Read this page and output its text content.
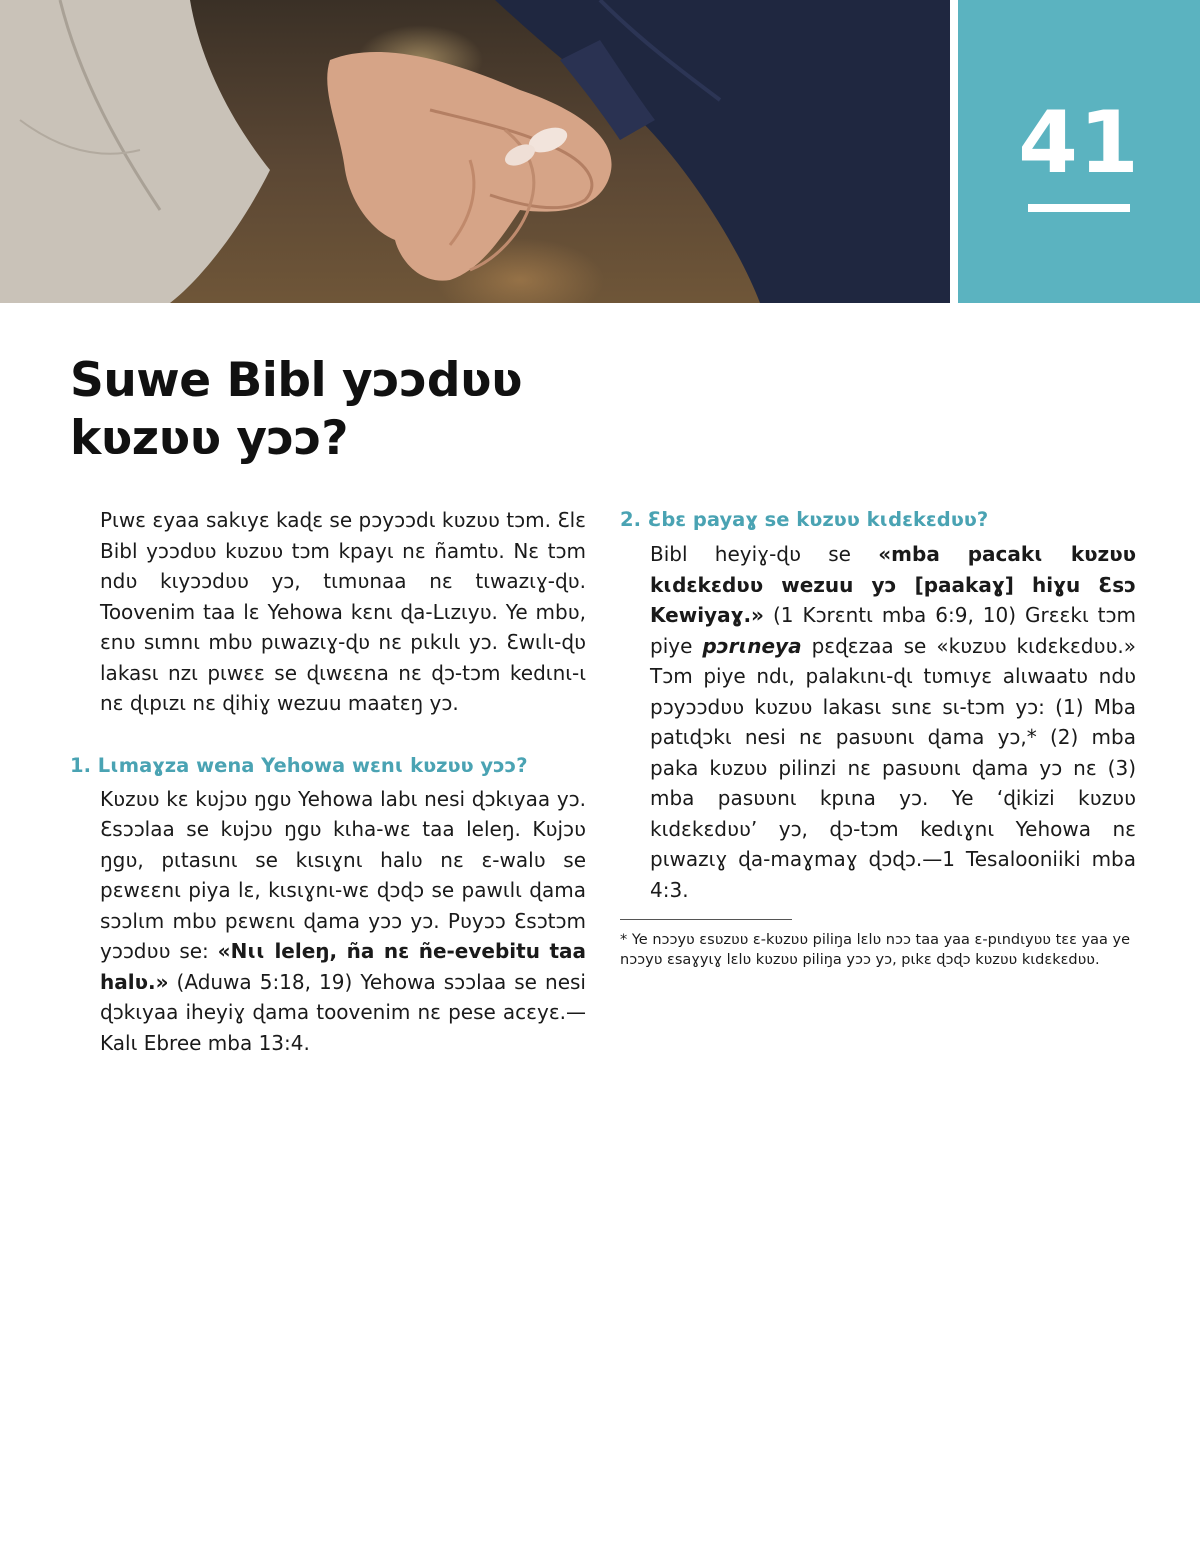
41
Suwe Bibl yɔɔdʋʋ
kʋzʋʋ yɔɔ?

Pɩwɛ ɛyaa sakɩyɛ kaɖɛ se pɔyɔɔdɩ kʋzʋʋ tɔm. Ɛlɛ Bibl yɔɔdʋʋ kʋzʋʋ tɔm kpayɩ nɛ ñamtʋ. Nɛ tɔm ndʋ kɩyɔɔdʋʋ yɔ, tɩmʋnaa nɛ tɩwazɩɣ-ɖʋ. Toovenim taa lɛ Yehowa kɛnɩ ɖa-Lɩzɩyʋ. Ye mbʋ, ɛnʋ sɩmnɩ mbʋ pɩwazɩɣ-ɖʋ nɛ pɩkɩlɩ yɔ. Ɛwɩlɩ-ɖʋ lakasɩ nzɩ pɩwɛɛ se ɖɩwɛɛna nɛ ɖɔ-tɔm kedɩnɩ-ɩ nɛ ɖɩpɩzɩ nɛ ɖihiɣ wezuu maatɛŋ yɔ.

1. Lɩmaɣza wena Yehowa wɛnɩ kʋzʋʋ yɔɔ?

Kʋzʋʋ kɛ kʋjɔʋ ŋgʋ Yehowa labɩ nesi ɖɔkɩyaa yɔ. Ɛsɔɔlaa se kʋjɔʋ ŋgʋ kɩha-wɛ taa leleŋ. Kʋjɔʋ ŋgʋ, pɩtasɩnɩ se kɩsɩɣnɩ halʋ nɛ ɛ-walʋ se pɛwɛɛnɩ piya lɛ, kɩsɩɣnɩ-wɛ ɖɔɖɔ se pawɩlɩ ɖama sɔɔlɩm mbʋ pɛwɛnɩ ɖama yɔɔ yɔ. Pʋyɔɔ Ɛsɔtɔm yɔɔdʋʋ se: «Nɩɩ leleŋ, ña nɛ ñe-evebitu taa halʋ.» (Aduwa 5:18, 19) Yehowa sɔɔlaa se nesi ɖɔkɩyaa iheyiɣ ɖama toovenim nɛ pese acɛyɛ.—Kalɩ Ebree mba 13:4.

2. Ɛbɛ payaɣ se kʋzʋʋ kɩdɛkɛdʋʋ?

Bibl heyiɣ-ɖʋ se «mba pacakɩ kʋzʋʋ kɩdɛkɛdʋʋ wezuu yɔ [paakaɣ] hiɣu Ɛsɔ Kewiyaɣ.» (1 Kɔrɛntɩ mba 6:9, 10) Grɛɛkɩ tɔm piye pɔrɩneya pɛɖɛzaa se «kʋzʋʋ kɩdɛkɛdʋʋ.» Tɔm piye ndɩ, palakɩnɩ-ɖɩ tʋmɩyɛ alɩwaatʋ ndʋ pɔyɔɔdʋʋ kʋzʋʋ lakasɩ sɩnɛ sɩ-tɔm yɔ: (1) Mba patɩɖɔkɩ nesi nɛ pasʋʋnɩ ɖama yɔ,* (2) mba paka kʋzʋʋ pilinzi nɛ pasʋʋnɩ ɖama yɔ nɛ (3) mba pasʋʋnɩ kpɩna yɔ. Ye ‘ɖikizi kʋzʋʋ kɩdɛkɛdʋʋ’ yɔ, ɖɔ-tɔm kedɩɣnɩ Yehowa nɛ pɩwazɩɣ ɖa-maɣmaɣ ɖɔɖɔ.—1 Tesalooniiki mba 4:3.

* Ye nɔɔyʋ ɛsʋzʋʋ ɛ-kʋzʋʋ piliŋa lɛlʋ nɔɔ taa yaa ɛ-pɩndɩyʋʋ tɛɛ yaa ye nɔɔyʋ ɛsaɣyɩɣ lɛlʋ kʋzʋʋ piliŋa yɔɔ yɔ, pɩkɛ ɖɔɖɔ kʋzʋʋ kɩdɛkɛdʋʋ.
